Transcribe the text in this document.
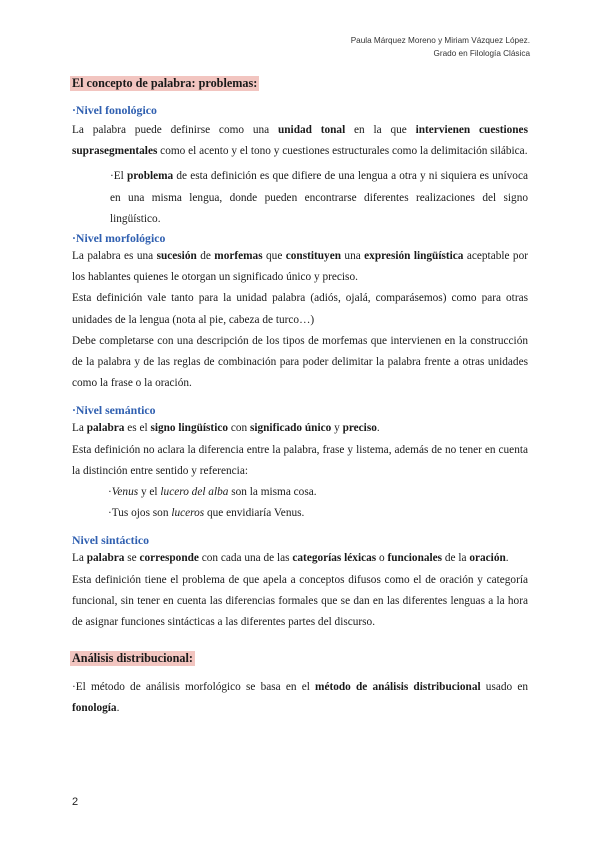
Paula Márquez Moreno y Miriam Vázquez López.
Grado en Filología Clásica
El concepto de palabra: problemas:
·Nivel fonológico

La palabra puede definirse como una unidad tonal en la que intervienen cuestiones suprasegmentales como el acento y el tono y cuestiones estructurales como la delimitación silábica.

·El problema de esta definición es que difiere de una lengua a otra y ni siquiera es unívoca en una misma lengua, donde pueden encontrarse diferentes realizaciones del signo lingüístico.

·Nivel morfológico

La palabra es una sucesión de morfemas que constituyen una expresión lingüística aceptable por los hablantes quienes le otorgan un significado único y preciso.

Esta definición vale tanto para la unidad palabra (adiós, ojalá, comparásemos) como para otras unidades de la lengua (nota al pie, cabeza de turco…)

Debe completarse con una descripción de los tipos de morfemas que intervienen en la construcción de la palabra y de las reglas de combinación para poder delimitar la palabra frente a otras unidades como la frase o la oración.

·Nivel semántico

La palabra es el signo lingüístico con significado único y preciso.

Esta definición no aclara la diferencia entre la palabra, frase y listema, además de no tener en cuenta la distinción entre sentido y referencia:

·Venus y el lucero del alba son la misma cosa.

·Tus ojos son luceros que envidiaría Venus.

Nivel sintáctico

La palabra se corresponde con cada una de las categorías léxicas o funcionales de la oración.

Esta definición tiene el problema de que apela a conceptos difusos como el de oración y categoría funcional, sin tener en cuenta las diferencias formales que se dan en las diferentes lenguas a la hora de asignar funciones sintácticas a las diferentes partes del discurso.

Análisis distribucional:

·El método de análisis morfológico se basa en el método de análisis distribucional usado en fonología.

2
